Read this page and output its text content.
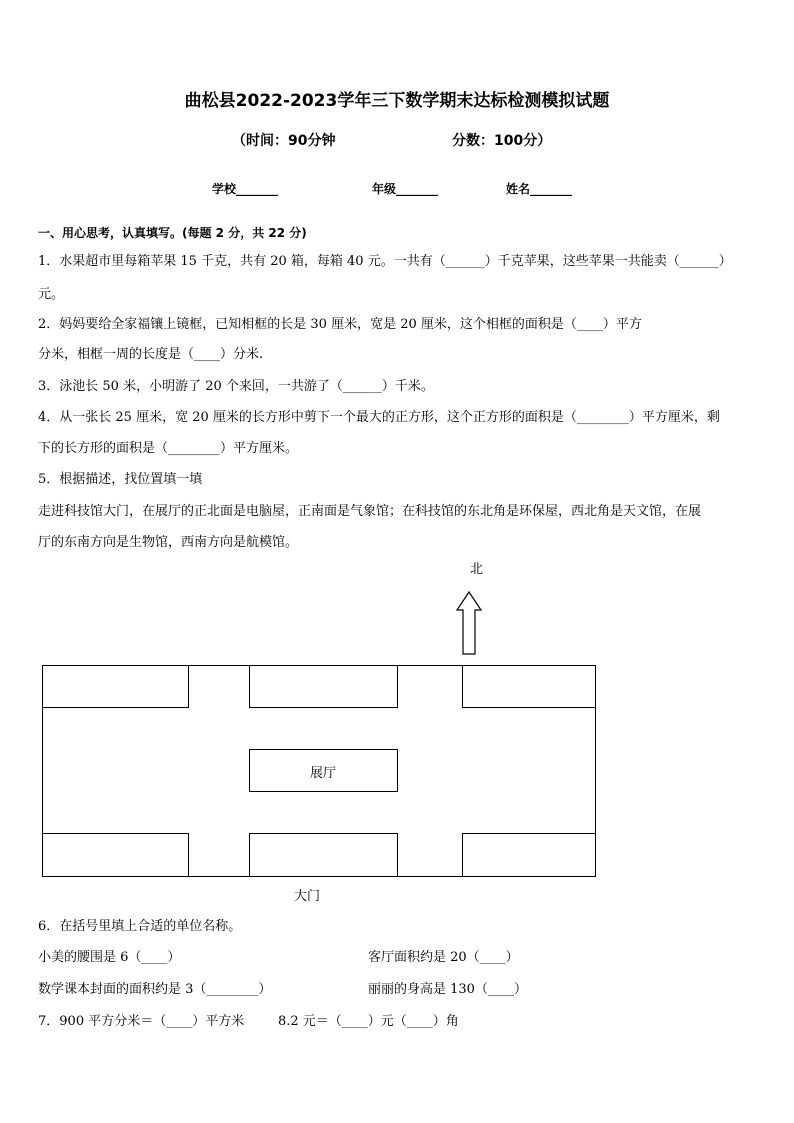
曲松县2022-2023学年三下数学期末达标检测模拟试题
（时间：90分钟	分数：100分）
学校_______	年级_______	姓名_______
一、用心思考，认真填写。(每题 2 分，共 22 分)
1．水果超市里每箱苹果 15 千克，共有 20 箱，每箱 40 元。一共有（______）千克苹果，这些苹果一共能卖（______）
元。
2．妈妈要给全家福镶上镜框，已知相框的长是 30 厘米，宽是 20 厘米，这个相框的面积是（____）平方
分米，相框一周的长度是（____）分米.
3．泳池长 50 米，小明游了 20 个来回，一共游了（______）千米。
4．从一张长 25 厘米，宽 20 厘米的长方形中剪下一个最大的正方形，这个正方形的面积是（________）平方厘米，剩
下的长方形的面积是（________）平方厘米。
5．根据描述，找位置填一填
走进科技馆大门，在展厅的正北面是电脑屋，正南面是气象馆；在科技馆的东北角是环保屋，西北角是天文馆，在展
厅的东南方向是生物馆，西南方向是航模馆。
北
展厅
大门
6．在括号里填上合适的单位名称。
小美的腰围是 6（____）	客厅面积约是 20（____）
数学课本封面的面积约是 3（________）	丽丽的身高是 130（____）
7．900 平方分米＝（____）平方米	8.2 元＝（____）元（____）角
